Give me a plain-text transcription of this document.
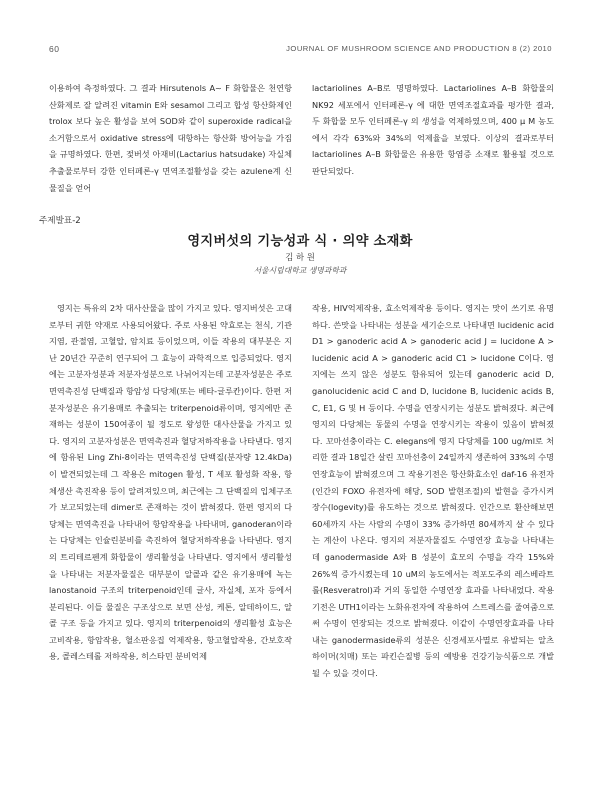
60	JOURNAL OF MUSHROOM SCIENCE AND PRODUCTION 8 (2) 2010

이용하여 측정하였다. 그 결과 Hirsutenols A~ F 화합물은 천연항산화제로 잘 알려진 vitamin E와 sesamol 그리고 합성 항산화제인 trolox 보다 높은 활성을 보여 SOD와 같이 superoxide radical을 소거함으로서 oxidative stress에 대항하는 항산화 방어능을 가짐을 규명하였다. 한편, 젖버섯 아재비(Lactarius hatsudake) 자실체 추출물로부터 강한 인터페론-γ 면역조절활성을 갖는 azulene계 신물질을 얻어

lactariolines A–B로 명명하였다. Lactariolines A–B 화합물의 NK92 세포에서 인터페론-γ 에 대한 면역조절효과를 평가한 결과, 두 화합물 모두 인터페론-γ 의 생성을 억제하였으며, 400 μ M 농도에서 각각 63%와 34%의 억제율을 보였다. 이상의 결과로부터 lactariolines A–B 화합물은 유용한 항염증 소재로 활용될 것으로 판단되었다.

주제발표-2
영지버섯의 기능성과 식 · 의약 소재화
김 하 원
서울시립대학교 생명과학과

영지는 특유의 2차 대사산물을 많이 가지고 있다. 영지버섯은 고대로부터 귀한 약재로 사용되어왔다. 주로 사용된 약효로는 천식, 기관지염, 관절염, 고혈압, 암치료 등이었으며, 이들 작용의 대부분은 지난 20년간 꾸준히 연구되어 그 효능이 과학적으로 입증되었다. 영지에는 고분자성분과 저분자성분으로 나뉘어지는데 고분자성분은 주로 면역촉진성 단백질과 항암성 다당체(또는 베타-글루칸)이다. 한편 저분자성분은 유기용매로 추출되는 triterpenoid류이며, 영지에만 존재하는 성분이 150여종이 될 정도로 왕성한 대사산물을 가지고 있다. 영지의 고분자성분은 면역촉진과 혈당저하작용을 나타낸다. 영지에 함유된 Ling Zhi-8이라는 면역촉진성 단백질(분자량 12.4kDa)이 발견되었는데 그 작용은 mitogen 활성, T 세포 활성화 작용, 항체생산 촉진작용 등이 알려져있으며, 최근에는 그 단백질의 입체구조가 보고되었는데 dimer로 존재하는 것이 밝혀졌다. 한편 영지의 다당체는 면역촉진을 나타내어 항암작용을 나타내며, ganoderan이라는 다당체는 인슐린분비를 촉진하여 혈당저하작용을 나타낸다. 영지의 트리테르펜계 화합물이 생리활성을 나타낸다. 영지에서 생리활성을 나타내는 저분자물질은 대부분이 알콜과 같은 유기용매에 녹는 lanostanoid 구조의 triterpenoid인데 글사, 자실체, 포자 등에서 분리된다. 이들 물질은 구조상으로 보면 산성, 케톤, 알데하이드, 알콜 구조 등을 가지고 있다. 영지의 triterpenoid의 생리활성 효능은 고비작용, 항암작용, 혈소판응집 억제작용, 항고혈압작용, 간보호작용, 콜레스테롤 저하작용, 히스타민 분비억제

작용, HIV억제작용, 효소억제작용 등이다. 영지는 맛이 쓰기로 유명하다. 쓴맛을 나타내는 성분을 세기순으로 나타내면 lucidenic acid D1 > ganoderic acid A > ganoderic acid J = lucidone A > lucidenic acid A > ganoderic acid C1 > lucidone C이다. 영지에는 쓰지 않은 성분도 함유되어 있는데 ganoderic acid D, ganolucidenic acid C and D, lucidone B, lucidenic acids B, C, E1, G 및 H 등이다. 수명을 연장시키는 성분도 밝혀졌다. 최근에 영지의 다당체는 동물의 수명을 연장시키는 작용이 있음이 밝혀졌다. 꼬마선충이라는 C. elegans에 영지 다당체를 100 ug/ml로 처리한 결과 18일간 살린 꼬마선충이 24일까지 생존하여 33%의 수명연장효능이 밝혀졌으며 그 작용기전은 항산화효소인 daf-16 유전자(인간의 FOXO 유전자에 해당, SOD 발현조절)의 발현을 증가시켜 장수(logevity)를 유도하는 것으로 밝혀졌다. 인간으로 환산해보면 60세까지 사는 사람의 수명이 33% 증가하면 80세까지 살 수 있다는 계산이 나온다. 영지의 저분자물질도 수명연장 효능을 나타내는데 ganodermaside A와 B 성분이 효모의 수명을 각각 15%와 26%씩 증가시켰는데 10 uM의 농도에서는 적포도주의 레스베라트롤(Resveratrol)과 거의 동일한 수명연장 효과를 나타내었다. 작용기전은 UTH1이라는 노화유전자에 작용하여 스트레스를 줄여줌으로써 수명이 연장되는 것으로 밝혀졌다. 이같이 수명연장효과를 나타내는 ganodermaside류의 성분은 신경세포사멸로 유발되는 알츠하이머(치매) 또는 파킨슨질병 등의 예방용 건강기능식품으로 개발될 수 있을 것이다.
